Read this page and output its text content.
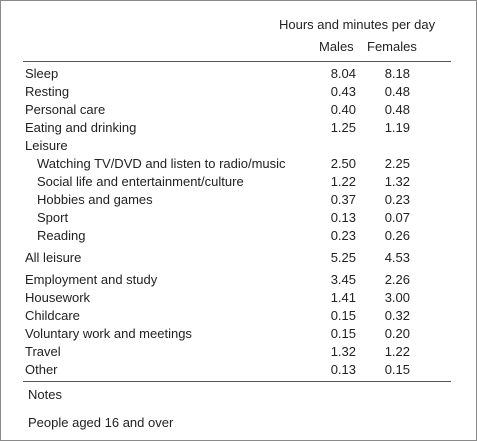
Hours and minutes per day
Males Females
Sleep	8.04	8.18
Resting	0.43	0.48
Personal care	0.40	0.48
Eating and drinking	1.25	1.19
Leisure
Watching TV/DVD and listen to radio/music	2.50	2.25
Social life and entertainment/culture	1.22	1.32
Hobbies and games	0.37	0.23
Sport	0.13	0.07
Reading	0.23	0.26
All leisure	5.25	4.53
Employment and study	3.45	2.26
Housework	1.41	3.00
Childcare	0.15	0.32
Voluntary work and meetings	0.15	0.20
Travel	1.32	1.22
Other	0.13	0.15
Notes
People aged 16 and over
